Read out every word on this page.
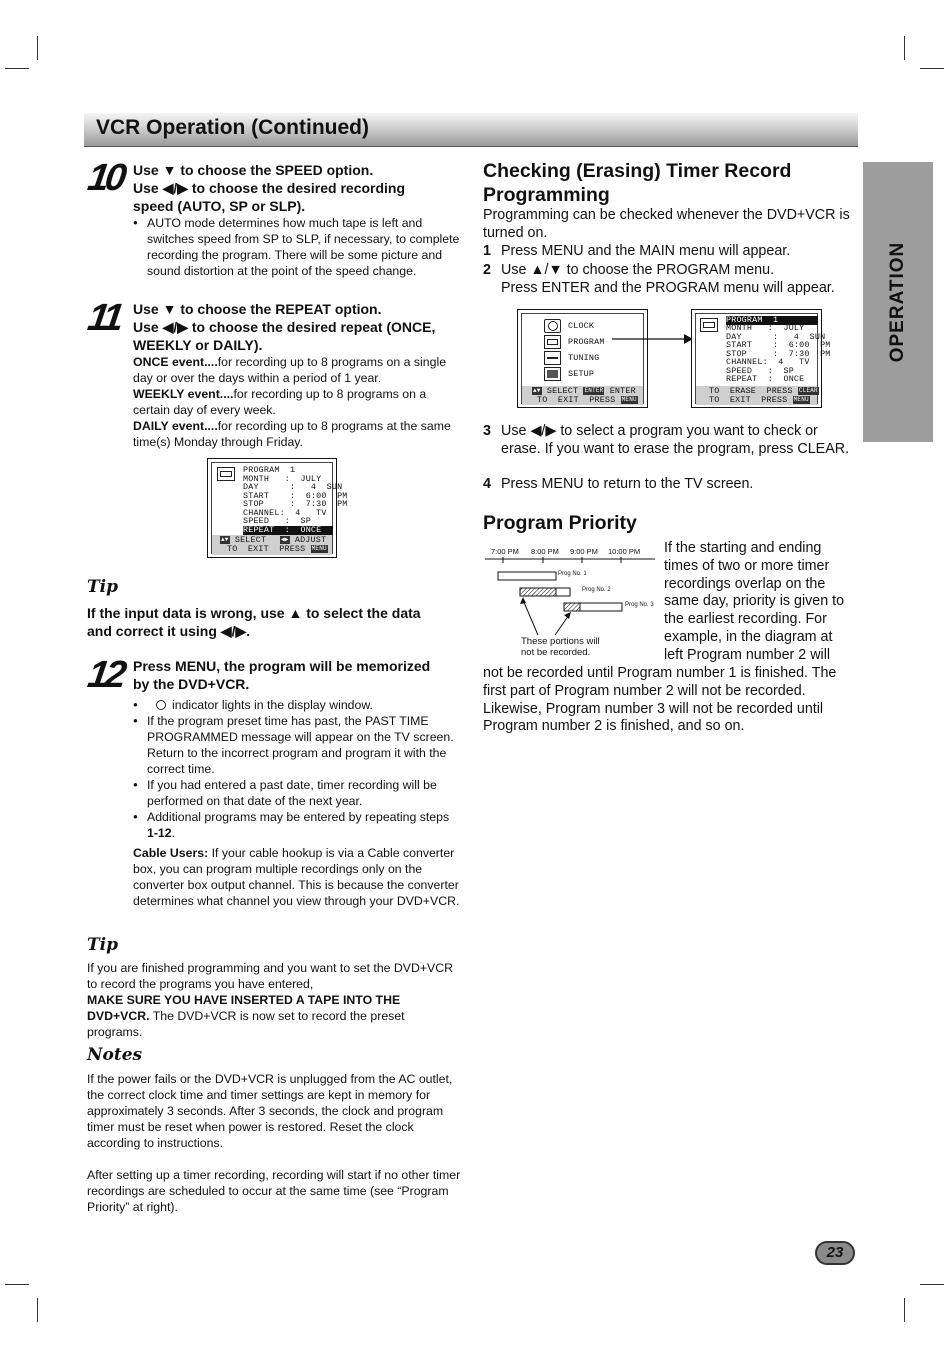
VCR Operation (Continued)
OPERATION
10 Use ▼ to choose the SPEED option.
Use ◀/▶ to choose the desired recording
speed (AUTO, SP or SLP).
● AUTO mode determines how much tape is left and switches speed from SP to SLP, if necessary, to complete recording the program. There will be some picture and sound distortion at the point of the speed change.
11 Use ▼ to choose the REPEAT option.
Use ◀/▶ to choose the desired repeat (ONCE,
WEEKLY or DAILY).
ONCE event....for recording up to 8 programs on a single day or over the days within a period of 1 year.
WEEKLY event....for recording up to 8 programs on a certain day of every week.
DAILY event....for recording up to 8 programs at the same time(s) Monday through Friday.
PROGRAM  1
MONTH   :  JULY
DAY      :   4  SUN
START    :  6:00  PM
STOP     :  7:30  PM
CHANNEL:  4   TV
SPEED   :  SP
REPEAT  :  ONCE
▲▼ SELECT ◀▶ ADJUST
TO  EXIT  PRESS MENU
Tip
If the input data is wrong, use ▲ to select the data
and correct it using ◀/▶.
12 Press MENU, the program will be memorized
by the DVD+VCR.
● indicator lights in the display window.
● If the program preset time has past, the PAST TIME PROGRAMMED message will appear on the TV screen. Return to the incorrect program and program it with the correct time.
● If you had entered a past date, timer recording will be performed on that date of the next year.
● Additional programs may be entered by repeating steps 1-12.
Cable Users: If your cable hookup is via a Cable converter box, you can program multiple recordings only on the converter box output channel. This is because the converter determines what channel you view through your DVD+VCR.
Tip
If you are finished programming and you want to set the DVD+VCR to record the programs you have entered,
MAKE SURE YOU HAVE INSERTED A TAPE INTO THE DVD+VCR. The DVD+VCR is now set to record the preset programs.
Notes
If the power fails or the DVD+VCR is unplugged from the AC outlet, the correct clock time and timer settings are kept in memory for approximately 3 seconds. After 3 seconds, the clock and program timer must be reset when power is restored. Reset the clock according to instructions.
After setting up a timer recording, recording will start if no other timer recordings are scheduled to occur at the same time (see “Program Priority” at right).
Checking (Erasing) Timer Record Programming
Programming can be checked whenever the DVD+VCR is turned on.
1 Press MENU and the MAIN menu will appear.
2 Use ▲/▼ to choose the PROGRAM menu.
Press ENTER and the PROGRAM menu will appear.
CLOCK
PROGRAM
TUNING
SETUP
▲▼ SELECT ENTER ENTER
TO  EXIT  PRESS MENU
PROGRAM  1
MONTH   :  JULY
DAY      :   4  SUN
START    :  6:00  PM
STOP     :  7:30  PM
CHANNEL:  4   TV
SPEED   :  SP
REPEAT  :  ONCE
TO  ERASE  PRESS CLEAR
TO  EXIT  PRESS MENU
3 Use ◀/▶ to select a program you want to check or erase. If you want to erase the program, press CLEAR.
4 Press MENU to return to the TV screen.
Program Priority
7:00 PM 8:00 PM 9:00 PM 10:00 PM
Prog No. 1
Prog No. 2
Prog No. 3
These portions will
not be recorded.
If the starting and ending
times of two or more timer
recordings overlap on the
same day, priority is given to
the earliest recording. For
example, in the diagram at
left Program number 2 will
not be recorded until Program number 1 is finished. The first part of Program number 2 will not be recorded. Likewise, Program number 3 will not be recorded until Program number 2 is finished, and so on.
23
